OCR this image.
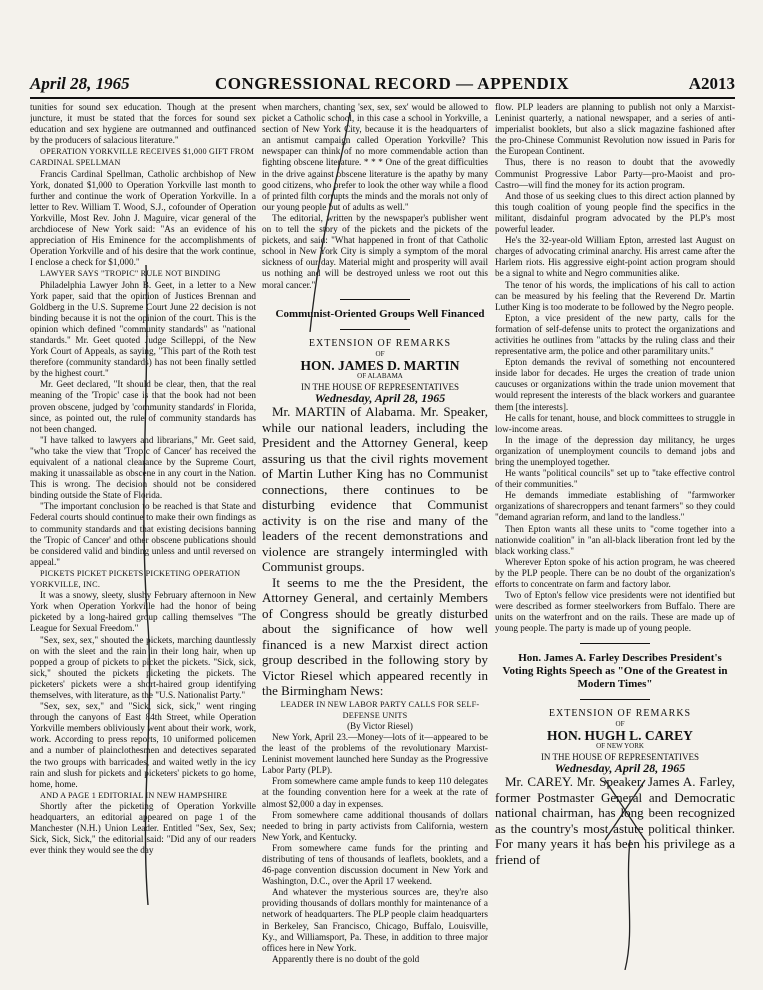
April 28, 1965	CONGRESSIONAL RECORD — APPENDIX	A2013

tunities for sound sex education. Though at the present juncture, it must be stated that the forces for sound sex education and sex hygiene are outmanned and outfinanced by the producers of salacious literature."

OPERATION YORKVILLE RECEIVES $1,000 GIFT FROM CARDINAL SPELLMAN

Francis Cardinal Spellman, Catholic archbishop of New York, donated $1,000 to Operation Yorkville last month to further and continue the work of Operation Yorkville. In a letter to Rev. William T. Wood, S.J., cofounder of Operation Yorkville, Most Rev. John J. Maguire, vicar general of the archdiocese of New York said: "As an evidence of his appreciation of His Eminence for the accomplishments of Operation Yorkville and of his desire that the work continue, I enclose a check for $1,000."

LAWYER SAYS "TROPIC" RULE NOT BINDING

Philadelphia Lawyer John B. Geet, in a letter to a New York paper, said that the opinion of Justices Brennan and Goldberg in the U.S. Supreme Court June 22 decision is not binding because it is not the opinion of the court. This is the opinion which defined "community standards" as "national standards." Mr. Geet quoted Judge Scilleppi, of the New York Court of Appeals, as saying, "This part of the Roth test therefore (community standards) has not been finally settled by the highest court."

Mr. Geet declared, "It should be clear, then, that the real meaning of the 'Tropic' case is that the book had not been proven obscene, judged by 'community standards' in Florida, since, as pointed out, the rule of community standards has not been changed.

"I have talked to lawyers and librarians," Mr. Geet said, "who take the view that 'Tropic of Cancer' has received the equivalent of a national clearance by the Supreme Court, making it unassailable as obscene in any court in the Nation. This is wrong. The decision should not be considered binding outside the State of Florida.

"The important conclusion to be reached is that State and Federal courts should continue to make their own findings as to community standards and that existing decisions banning the 'Tropic of Cancer' and other obscene publications should be considered valid and binding unless and until reversed on appeal."

PICKETS PICKET PICKETS PICKETING OPERATION YORKVILLE, INC.

It was a snowy, sleety, slushy February afternoon in New York when Operation Yorkville had the honor of being picketed by a long-haired group calling themselves "The League for Sexual Freedom."

"Sex, sex, sex," shouted the pickets, marching dauntlessly on with the sleet and the rain in their long hair, when up popped a group of pickets to picket the pickets. "Sick, sick, sick," shouted the pickets picketing the pickets. The picketers' pickets were a short-haired group identifying themselves, with literature, as the "U.S. Nationalist Party."

"Sex, sex, sex," and "Sick, sick, sick," went ringing through the canyons of East 84th Street, while Operation Yorkville members obliviously went about their work, work, work. According to press reports, 10 uniformed policemen and a number of plainclothesmen and detectives separated the two groups with barricades, and waited wetly in the icy rain and slush for pickets and picketers' pickets to go home, home, home.

AND A PAGE 1 EDITORIAL IN NEW HAMPSHIRE

Shortly after the picketing of Operation Yorkville headquarters, an editorial appeared on page 1 of the Manchester (N.H.) Union Leader. Entitled "Sex, Sex, Sex; Sick, Sick, Sick," the editorial said: "Did any of our readers ever think they would see the day

when marchers, chanting 'sex, sex, sex' would be allowed to picket a Catholic school, in this case a school in Yorkville, a section of New York City, because it is the headquarters of an antismut campaign called Operation Yorkville? This newspaper can think of no more commendable action than fighting obscene literature. * * * One of the great difficulties in the drive against obscene literature is the apathy by many good citizens, who prefer to look the other way while a flood of printed filth corrupts the minds and the morals not only of our young people but of adults as well."

The editorial, written by the newspaper's publisher went on to tell the story of the pickets and the pickets of the pickets, and said: "What happened in front of that Catholic school in New York City is simply a symptom of the moral sickness of our day. Material might and prosperity will avail us nothing and will be destroyed unless we root out this moral cancer."

Communist-Oriented Groups Well Financed

EXTENSION OF REMARKS

OF

HON. JAMES D. MARTIN

OF ALABAMA

IN THE HOUSE OF REPRESENTATIVES

Wednesday, April 28, 1965

Mr. MARTIN of Alabama. Mr. Speaker, while our national leaders, including the President and the Attorney General, keep assuring us that the civil rights movement of Martin Luther King has no Communist connections, there continues to be disturbing evidence that Communist activity is on the rise and many of the leaders of the recent demonstrations and violence are strangely intermingled with Communist groups.

It seems to me the the President, the Attorney General, and certainly Members of Congress should be greatly disturbed about the significance of how well financed is a new Marxist direct action group described in the following story by Victor Riesel which appeared recently in the Birmingham News:

LEADER IN NEW LABOR PARTY CALLS FOR SELF-DEFENSE UNITS

(By Victor Riesel)

New York, April 23.—Money—lots of it—appeared to be the least of the problems of the revolutionary Marxist-Leninist movement launched here Sunday as the Progressive Labor Party (PLP).

From somewhere came ample funds to keep 110 delegates at the founding convention here for a week at the rate of almost $2,000 a day in expenses.

From somewhere came additional thousands of dollars needed to bring in party activists from California, western New York, and Kentucky.

From somewhere came funds for the printing and distributing of tens of thousands of leaflets, booklets, and a 46-page convention discussion document in New York and Washington, D.C., over the April 17 weekend.

And whatever the mysterious sources are, they're also providing thousands of dollars monthly for maintenance of a network of headquarters. The PLP people claim headquarters in Berkeley, San Francisco, Chicago, Buffalo, Louisville, Ky., and Williamsport, Pa. These, in addition to three major offices here in New York.

Apparently there is no doubt of the gold

flow. PLP leaders are planning to publish not only a Marxist-Leninist quarterly, a national newspaper, and a series of anti-imperialist booklets, but also a slick magazine fashioned after the pro-Chinese Communist Revolution now issued in Paris for the European Continent.

Thus, there is no reason to doubt that the avowedly Communist Progressive Labor Party—pro-Maoist and pro-Castro—will find the money for its action program.

And those of us seeking clues to this direct action planned by this tough coalition of young people find the specifics in the militant, disdainful program advocated by the PLP's most powerful leader.

He's the 32-year-old William Epton, arrested last August on charges of advocating criminal anarchy. His arrest came after the Harlem riots. His aggressive eight-point action program should be a signal to white and Negro communities alike.

The tenor of his words, the implications of his call to action can be measured by his feeling that the Reverend Dr. Martin Luther King is too moderate to be followed by the Negro people.

Epton, a vice president of the new party, calls for the formation of self-defense units to protect the organizations and activities he outlines from "attacks by the ruling class and their representative arm, the police and other paramilitary units."

Epton demands the revival of something not encountered inside labor for decades. He urges the creation of trade union caucuses or organizations within the trade union movement that would represent the interests of the black workers and guarantee them [the interests].

He calls for tenant, house, and block committees to struggle in low-income areas.

In the image of the depression day militancy, he urges organization of unemployment councils to demand jobs and bring the unemployed together.

He wants "political councils" set up to "take effective control of their communities."

He demands immediate establishing of "farmworker organizations of sharecroppers and tenant farmers" so they could "demand agrarian reform, and land to the landless."

Then Epton wants all these units to "come together into a nationwide coalition" in "an all-black liberation front led by the black working class."

Wherever Epton spoke of his action program, he was cheered by the PLP people. There can be no doubt of the organization's efforts to concentrate on farm and factory labor.

Two of Epton's fellow vice presidents were not identified but were described as former steelworkers from Buffalo. There are units on the waterfront and on the rails. These are made up of young people. The party is made up of young people.

Hon. James A. Farley Describes President's Voting Rights Speech as "One of the Greatest in Modern Times"

EXTENSION OF REMARKS

OF

HON. HUGH L. CAREY

OF NEW YORK

IN THE HOUSE OF REPRESENTATIVES

Wednesday, April 28, 1965

Mr. CAREY. Mr. Speaker, James A. Farley, former Postmaster General and Democratic national chairman, has long been recognized as the country's most astute political thinker. For many years it has been his privilege as a friend of
